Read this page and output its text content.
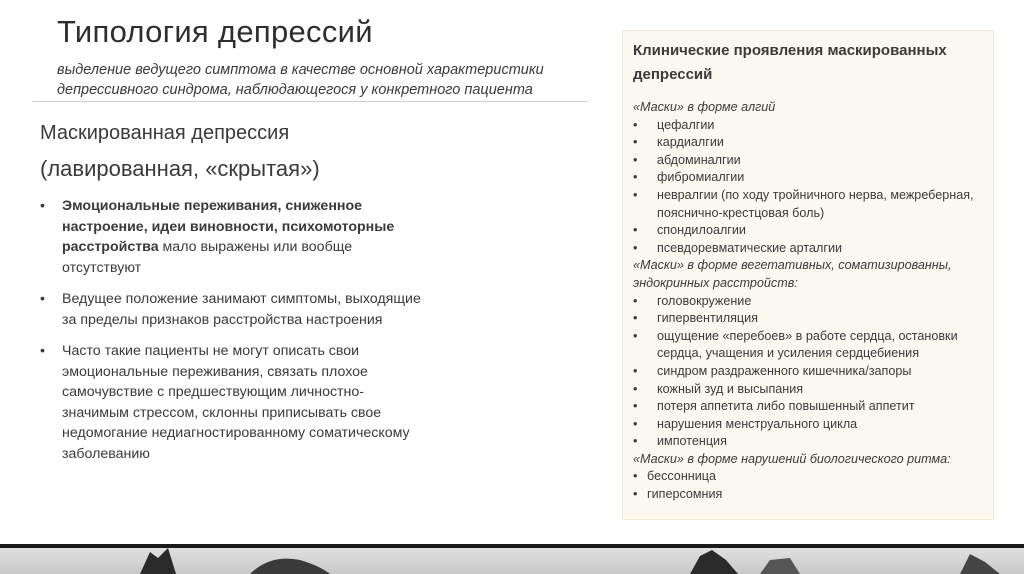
Типология депрессий
выделение ведущего симптома в качестве основной характеристики депрессивного синдрома, наблюдающегося у конкретного пациента
Маскированная депрессия
(лавированная, «скрытая»)
• Эмоциональные переживания, сниженное настроение, идеи виновности, психомоторные расстройства мало выражены или вообще отсутствуют
• Ведущее положение занимают симптомы, выходящие за пределы признаков расстройства настроения
• Часто такие пациенты не могут описать свои эмоциональные переживания, связать плохое самочувствие с предшествующим личностно-значимым стрессом, склонны приписывать свое недомогание недиагностированному соматическому заболеванию
Клинические проявления маскированных депрессий
«Маски» в форме алгий
• цефалгии
• кардиалгии
• абдоминалгии
• фибромиалгии
• невралгии (по ходу тройничного нерва, межреберная, пояснично-крестцовая боль)
• спондилоалгии
• псевдоревматические арталгии
«Маски» в форме вегетативных, соматизированны, эндокринных расстройств:
• головокружение
• гипервентиляция
• ощущение «перебоев» в работе сердца, остановки сердца, учащения и усиления сердцебиения
• синдром раздраженного кишечника/запоры
• кожный зуд и высыпания
• потеря аппетита либо повышенный аппетит
• нарушения менструального цикла
• импотенция
«Маски» в форме нарушений биологического ритма:
• бессонница
• гиперсомния
